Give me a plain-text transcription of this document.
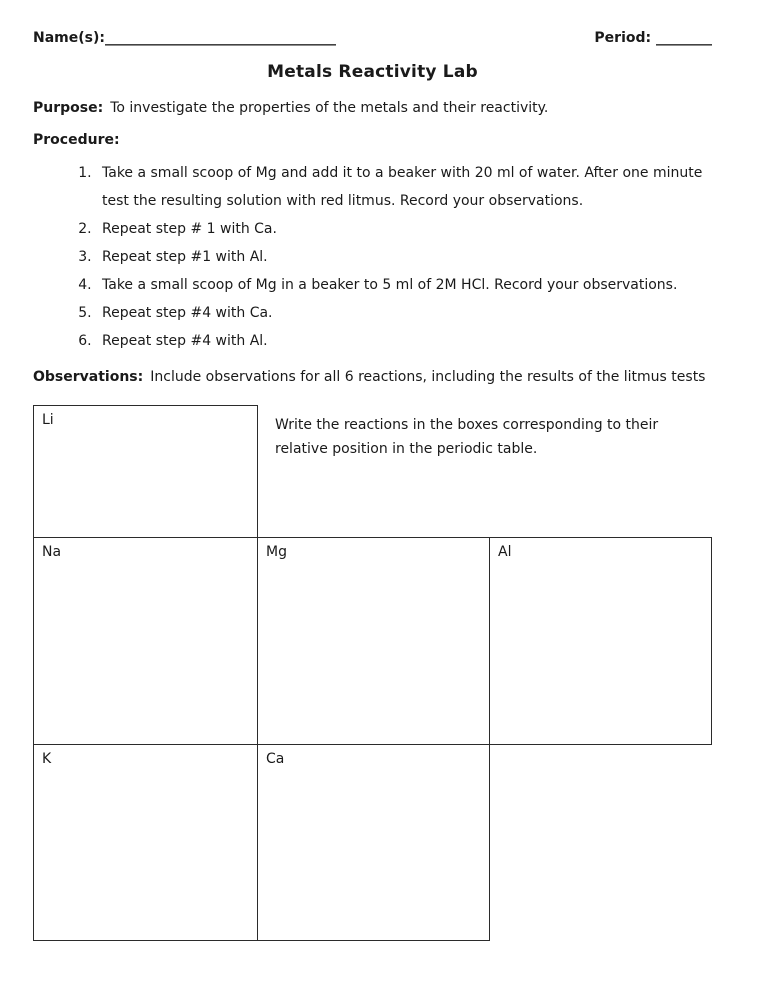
Name(s):_________________________________	Period: ________
Metals Reactivity Lab
Purpose: To investigate the properties of the metals and their reactivity.
Procedure:
1. Take a small scoop of Mg and add it to a beaker with 20 ml of water. After one minute test the resulting solution with red litmus. Record your observations.
2. Repeat step # 1 with Ca.
3. Repeat step #1 with Al.
4. Take a small scoop of Mg in a beaker to 5 ml of 2M HCl. Record your observations.
5. Repeat step #4 with Ca.
6. Repeat step #4 with Al.
Observations: Include observations for all 6 reactions, including the results of the litmus tests
Li	Write the reactions in the boxes corresponding to their relative position in the periodic table.
Na	Mg	Al
K	Ca
